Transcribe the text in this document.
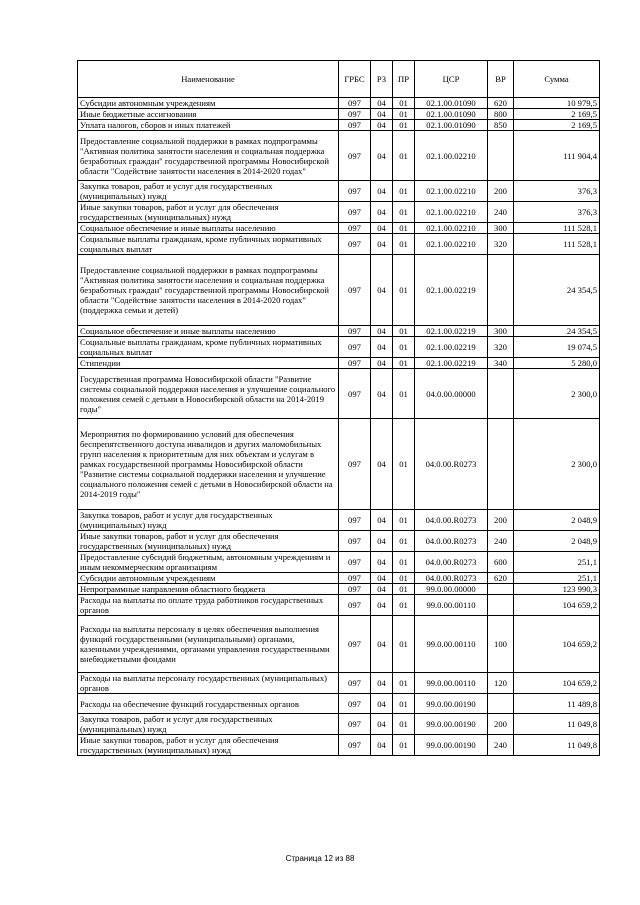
Наименование	ГРБС	РЗ	ПР	ЦСР	ВР	Сумма
Субсидии автономным учреждениям	097	04	01	02.1.00.01090	620	10 979,5
Иные бюджетные ассигнования	097	04	01	02.1.00.01090	800	2 169,5
Уплата налогов, сборов и иных платежей	097	04	01	02.1.00.01090	850	2 169,5
Предоставление социальной поддержки в рамках подпрограммы "Активная политика занятости населения и социальная поддержка безработных граждан" государственной программы Новосибирской области "Содействие занятости населения в 2014-2020 годах"	097	04	01	02.1.00.02210		111 904,4
Закупка товаров, работ и услуг для государственных (муниципальных) нужд	097	04	01	02.1.00.02210	200	376,3
Иные закупки товаров, работ и услуг для обеспечения государственных (муниципальных) нужд	097	04	01	02.1.00.02210	240	376,3
Социальное обеспечение и иные выплаты населению	097	04	01	02.1.00.02210	300	111 528,1
Социальные выплаты гражданам, кроме публичных нормативных социальных выплат	097	04	01	02.1.00.02210	320	111 528,1
Предоставление социальной поддержки в рамках подпрограммы "Активная политика занятости населения и социальная поддержка безработных граждан" государственной программы Новосибирской области "Содействие занятости населения в 2014-2020 годах" (поддержка семьи и детей)	097	04	01	02.1.00.02219		24 354,5
Социальное обеспечение и иные выплаты населению	097	04	01	02.1.00.02219	300	24 354,5
Социальные выплаты гражданам, кроме публичных нормативных социальных выплат	097	04	01	02.1.00.02219	320	19 074,5
Стипендии	097	04	01	02.1.00.02219	340	5 280,0
Государственная программа Новосибирской области "Развитие системы социальной поддержки населения и улучшение социального положения семей с детьми в Новосибирской области на 2014-2019 годы"	097	04	01	04.0.00.00000		2 300,0
Мероприятия по формированию условий для обеспечения беспрепятственного доступа инвалидов и других маломобильных групп населения к приоритетным для них объектам и услугам в рамках государственной программы Новосибирской области "Развитие системы социальной поддержки населения и улучшение социального положения семей с детьми в Новосибирской области на 2014-2019 годы"	097	04	01	04.0.00.R0273		2 300,0
Закупка товаров, работ и услуг для государственных (муниципальных) нужд	097	04	01	04.0.00.R0273	200	2 048,9
Иные закупки товаров, работ и услуг для обеспечения государственных (муниципальных) нужд	097	04	01	04.0.00.R0273	240	2 048,9
Предоставление субсидий бюджетным, автономным учреждениям и иным некоммерческим организациям	097	04	01	04.0.00.R0273	600	251,1
Субсидии автономным учреждениям	097	04	01	04.0.00.R0273	620	251,1
Непрограммные направления областного бюджета	097	04	01	99.0.00.00000		123 990,3
Расходы на выплаты по оплате труда работников государственных органов	097	04	01	99.0.00.00110		104 659,2
Расходы на выплаты персоналу в целях обеспечения выполнения функций государственными (муниципальными) органами, казенными учреждениями, органами управления государственными внебюджетными фондами	097	04	01	99.0.00.00110	100	104 659,2
Расходы на выплаты персоналу государственных (муниципальных) органов	097	04	01	99.0.00.00110	120	104 659,2
Расходы на обеспечение функций государственных органов	097	04	01	99.0.00.00190		11 489,8
Закупка товаров, работ и услуг для государственных (муниципальных) нужд	097	04	01	99.0.00.00190	200	11 049,8
Иные закупки товаров, работ и услуг для обеспечения государственных (муниципальных) нужд	097	04	01	99.0.00.00190	240	11 049,8
Страница 12 из 88
